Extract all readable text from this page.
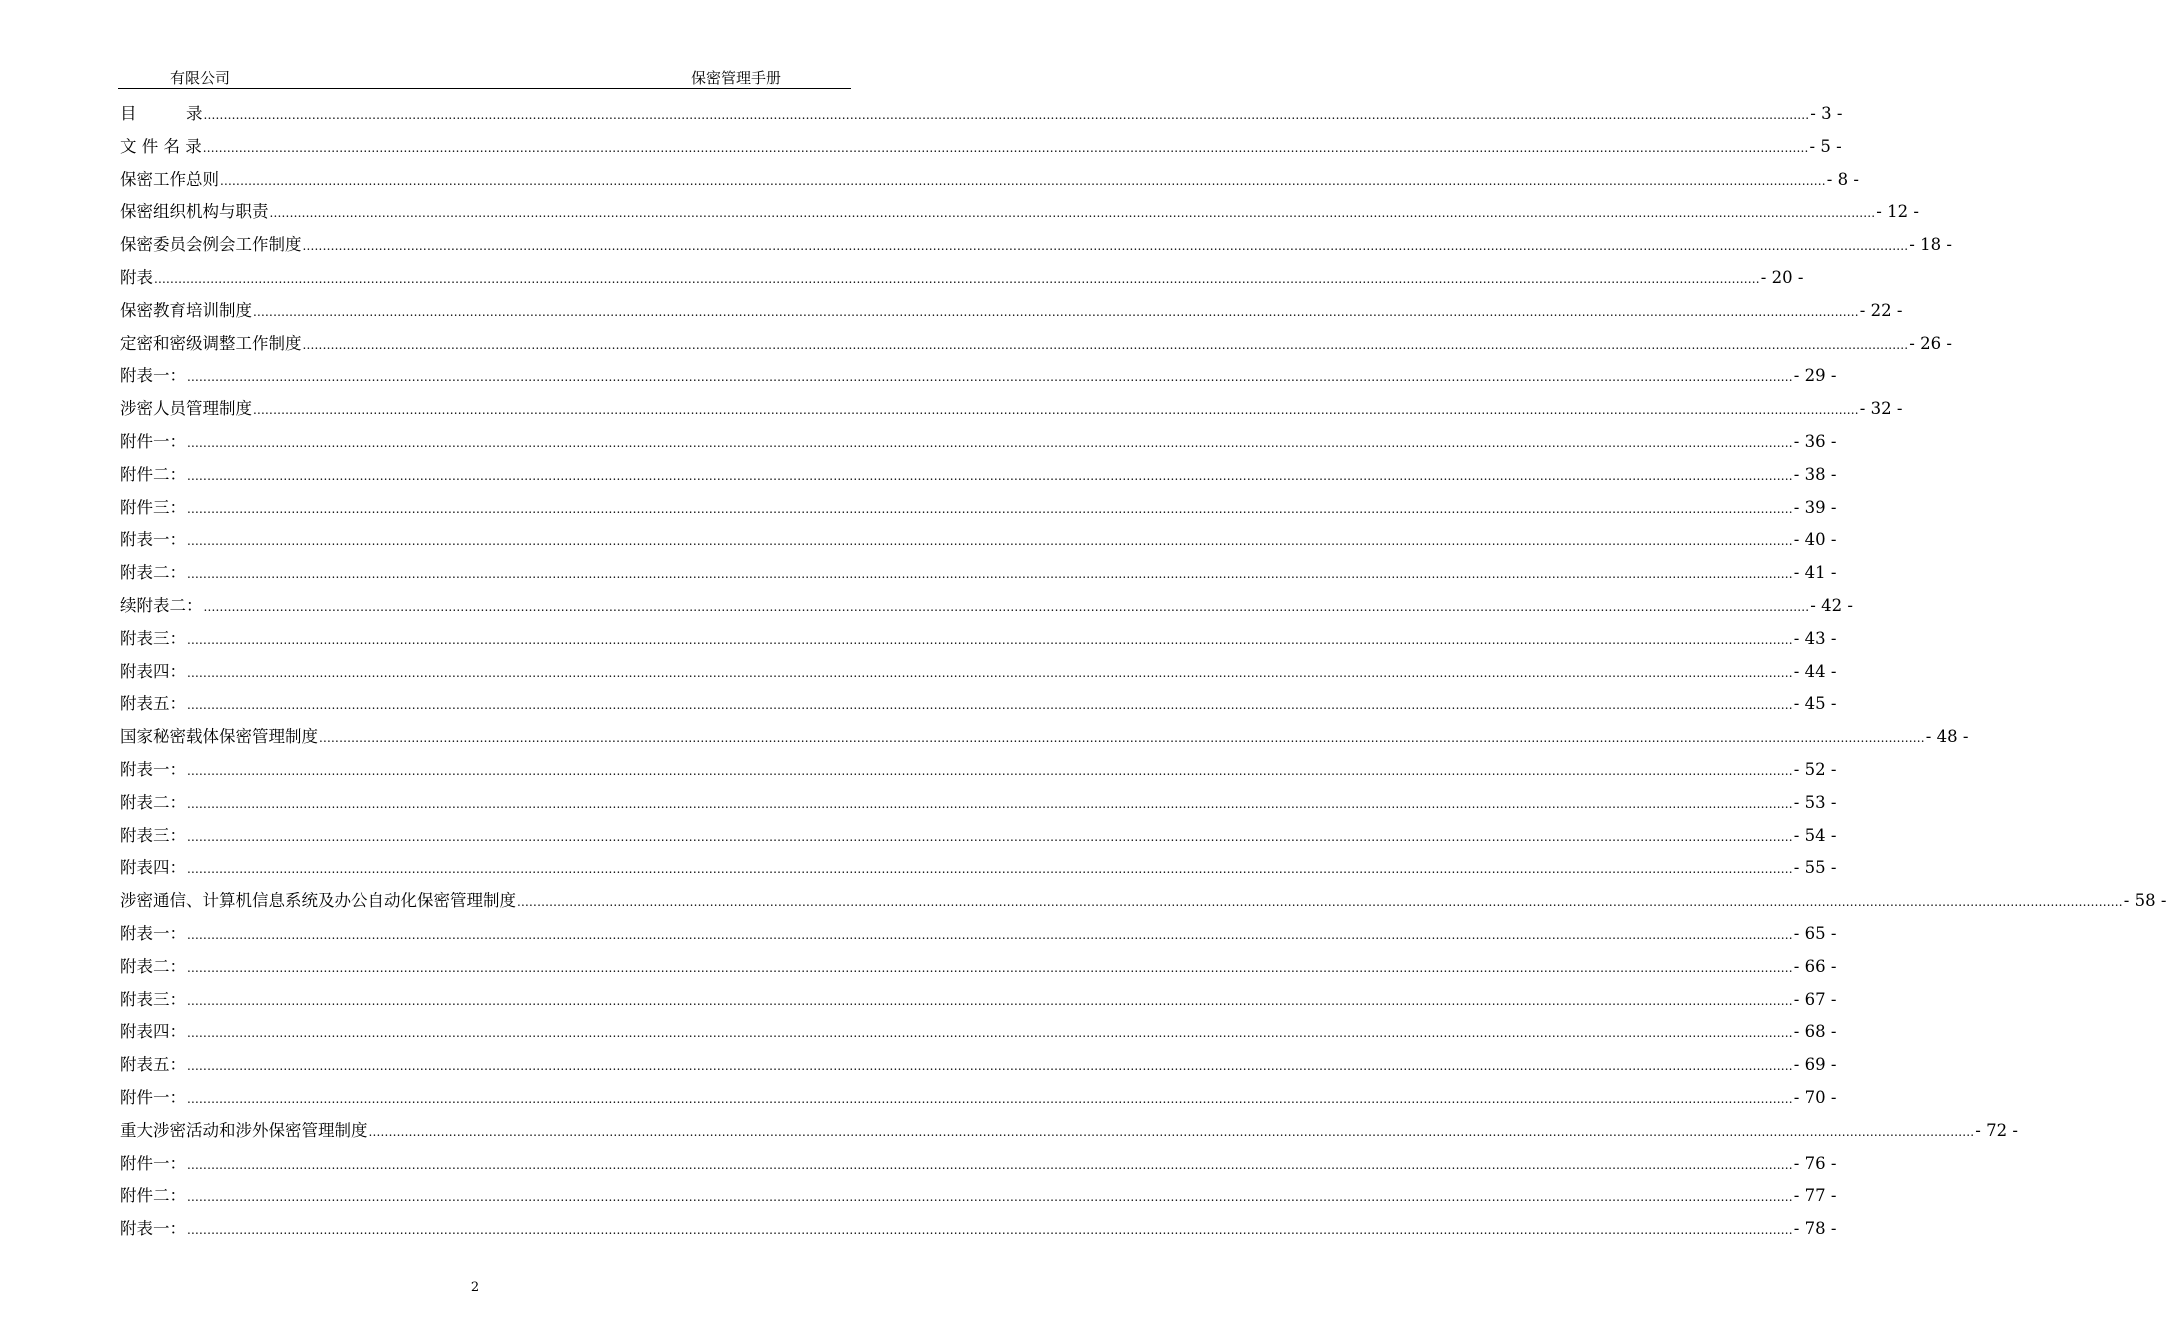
有限公司	保密管理手册
目　　　录 ................................................................................................................................................................................................................................................................................................................................................................................................................ - 3 -
文 件 名 录 ................................................................................................................................................................................................................................................................................................................................................................................................................ - 5 -
保密工作总则 ................................................................................................................................................................................................................................................................................................................................................................................................................ - 8 -
保密组织机构与职责 ................................................................................................................................................................................................................................................................................................................................................................................................................ - 12 -
保密委员会例会工作制度 ................................................................................................................................................................................................................................................................................................................................................................................................................ - 18 -
附表 ................................................................................................................................................................................................................................................................................................................................................................................................................ - 20 -
保密教育培训制度 ................................................................................................................................................................................................................................................................................................................................................................................................................ - 22 -
定密和密级调整工作制度 ................................................................................................................................................................................................................................................................................................................................................................................................................ - 26 -
附表一： ................................................................................................................................................................................................................................................................................................................................................................................................................ - 29 -
涉密人员管理制度 ................................................................................................................................................................................................................................................................................................................................................................................................................ - 32 -
附件一： ................................................................................................................................................................................................................................................................................................................................................................................................................ - 36 -
附件二： ................................................................................................................................................................................................................................................................................................................................................................................................................ - 38 -
附件三： ................................................................................................................................................................................................................................................................................................................................................................................................................ - 39 -
附表一： ................................................................................................................................................................................................................................................................................................................................................................................................................ - 40 -
附表二： ................................................................................................................................................................................................................................................................................................................................................................................................................ - 41 -
续附表二： ................................................................................................................................................................................................................................................................................................................................................................................................................ - 42 -
附表三： ................................................................................................................................................................................................................................................................................................................................................................................................................ - 43 -
附表四： ................................................................................................................................................................................................................................................................................................................................................................................................................ - 44 -
附表五： ................................................................................................................................................................................................................................................................................................................................................................................................................ - 45 -
国家秘密载体保密管理制度 ................................................................................................................................................................................................................................................................................................................................................................................................................ - 48 -
附表一： ................................................................................................................................................................................................................................................................................................................................................................................................................ - 52 -
附表二： ................................................................................................................................................................................................................................................................................................................................................................................................................ - 53 -
附表三： ................................................................................................................................................................................................................................................................................................................................................................................................................ - 54 -
附表四： ................................................................................................................................................................................................................................................................................................................................................................................................................ - 55 -
涉密通信、计算机信息系统及办公自动化保密管理制度 ................................................................................................................................................................................................................................................................................................................................................................................................................ - 58 -
附表一： ................................................................................................................................................................................................................................................................................................................................................................................................................ - 65 -
附表二： ................................................................................................................................................................................................................................................................................................................................................................................................................ - 66 -
附表三： ................................................................................................................................................................................................................................................................................................................................................................................................................ - 67 -
附表四： ................................................................................................................................................................................................................................................................................................................................................................................................................ - 68 -
附表五： ................................................................................................................................................................................................................................................................................................................................................................................................................ - 69 -
附件一： ................................................................................................................................................................................................................................................................................................................................................................................................................ - 70 -
重大涉密活动和涉外保密管理制度 ................................................................................................................................................................................................................................................................................................................................................................................................................ - 72 -
附件一： ................................................................................................................................................................................................................................................................................................................................................................................................................ - 76 -
附件二： ................................................................................................................................................................................................................................................................................................................................................................................................................ - 77 -
附表一： ................................................................................................................................................................................................................................................................................................................................................................................................................ - 78 -
2
